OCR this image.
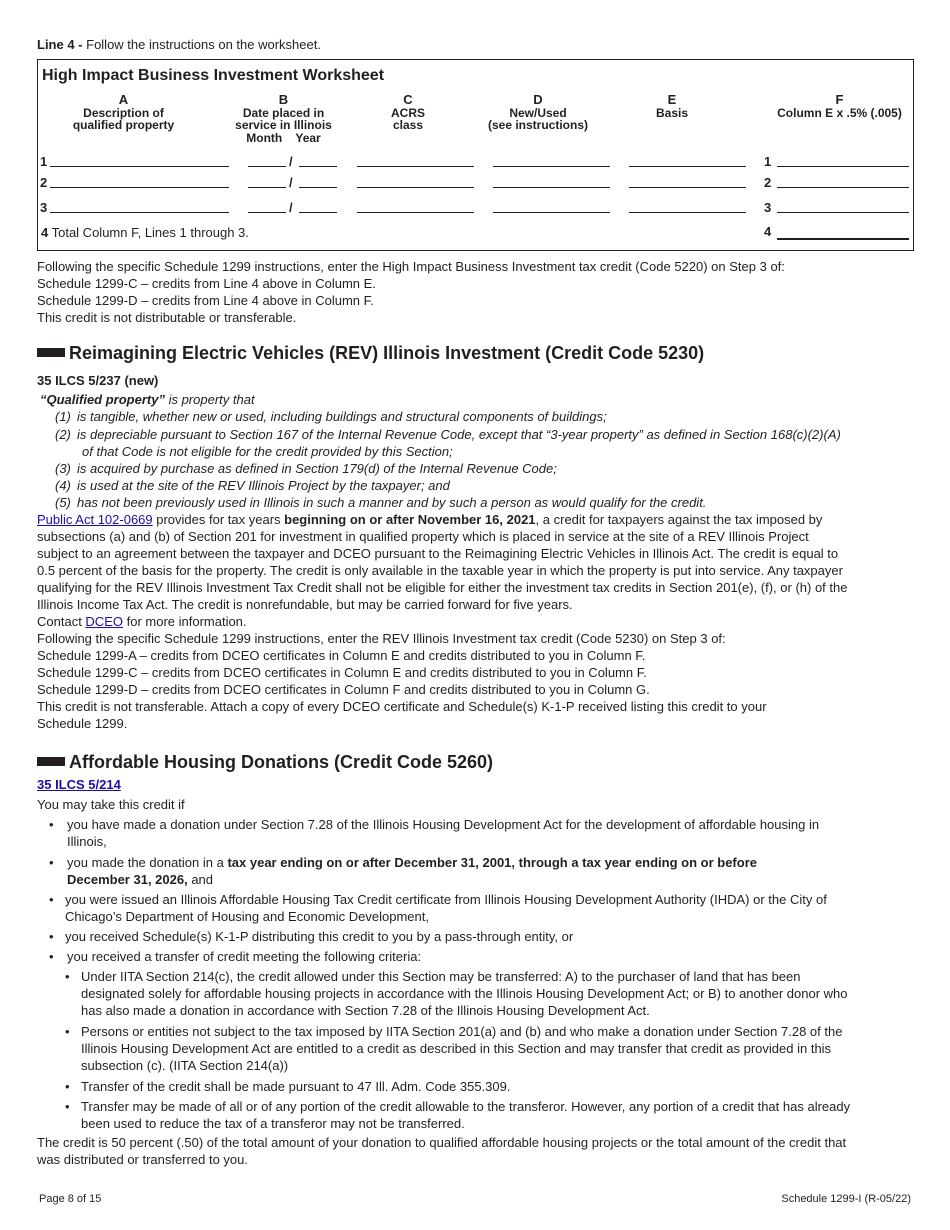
Line 4 - Follow the instructions on the worksheet.
High Impact Business Investment Worksheet
A
Description of
qualified property
B
Date placed in
service in Illinois
Month    Year
C
ACRS
class
D
New/Used
(see instructions)
E
Basis
F
Column E x .5% (.005)
1	/	1
2	/	2
3	/	3
4 Total Column F, Lines 1 through 3.	4
Following the specific Schedule 1299 instructions, enter the High Impact Business Investment tax credit (Code 5220) on Step 3 of:
Schedule 1299-C – credits from Line 4 above in Column E.
Schedule 1299-D – credits from Line 4 above in Column F.
This credit is not distributable or transferable.
Reimagining Electric Vehicles (REV) Illinois Investment (Credit Code 5230)
35 ILCS 5/237 (new)
“Qualified property” is property that
(1) is tangible, whether new or used, including buildings and structural components of buildings;
(2) is depreciable pursuant to Section 167 of the Internal Revenue Code, except that “3-year property” as defined in Section 168(c)(2)(A)
of that Code is not eligible for the credit provided by this Section;
(3) is acquired by purchase as defined in Section 179(d) of the Internal Revenue Code;
(4) is used at the site of the REV Illinois Project by the taxpayer; and
(5) has not been previously used in Illinois in such a manner and by such a person as would qualify for the credit.
Public Act 102-0669 provides for tax years beginning on or after November 16, 2021, a credit for taxpayers against the tax imposed by
subsections (a) and (b) of Section 201 for investment in qualified property which is placed in service at the site of a REV Illinois Project
subject to an agreement between the taxpayer and DCEO pursuant to the Reimagining Electric Vehicles in Illinois Act. The credit is equal to
0.5 percent of the basis for the property. The credit is only available in the taxable year in which the property is put into service. Any taxpayer
qualifying for the REV Illinois Investment Tax Credit shall not be eligible for either the investment tax credits in Section 201(e), (f), or (h) of the
Illinois Income Tax Act. The credit is nonrefundable, but may be carried forward for five years.
Contact DCEO for more information.
Following the specific Schedule 1299 instructions, enter the REV Illinois Investment tax credit (Code 5230) on Step 3 of:
Schedule 1299-A – credits from DCEO certificates in Column E and credits distributed to you in Column F.
Schedule 1299-C – credits from DCEO certificates in Column E and credits distributed to you in Column F.
Schedule 1299-D – credits from DCEO certificates in Column F and credits distributed to you in Column G.
This credit is not transferable. Attach a copy of every DCEO certificate and Schedule(s) K-1-P received listing this credit to your
Schedule 1299.
Affordable Housing Donations (Credit Code 5260)
35 ILCS 5/214
You may take this credit if
• you have made a donation under Section 7.28 of the Illinois Housing Development Act for the development of affordable housing in
Illinois,
• you made the donation in a tax year ending on or after December 31, 2001, through a tax year ending on or before
December 31, 2026, and
• you were issued an Illinois Affordable Housing Tax Credit certificate from Illinois Housing Development Authority (IHDA) or the City of
Chicago’s Department of Housing and Economic Development,
• you received Schedule(s) K-1-P distributing this credit to you by a pass-through entity, or
•	you received a transfer of credit meeting the following criteria:
• Under IITA Section 214(c), the credit allowed under this Section may be transferred: A) to the purchaser of land that has been
designated solely for affordable housing projects in accordance with the Illinois Housing Development Act; or B) to another donor who
has also made a donation in accordance with Section 7.28 of the Illinois Housing Development Act.
• Persons or entities not subject to the tax imposed by IITA Section 201(a) and (b) and who make a donation under Section 7.28 of the
Illinois Housing Development Act are entitled to a credit as described in this Section and may transfer that credit as provided in this
subsection (c). (IITA Section 214(a))
• Transfer of the credit shall be made pursuant to 47 Ill. Adm. Code 355.309.
• Transfer may be made of all or of any portion of the credit allowable to the transferor. However, any portion of a credit that has already
been used to reduce the tax of a transferor may not be transferred.
The credit is 50 percent (.50) of the total amount of your donation to qualified affordable housing projects or the total amount of the credit that
was distributed or transferred to you.
Page 8 of 15	Schedule 1299-I (R-05/22)
